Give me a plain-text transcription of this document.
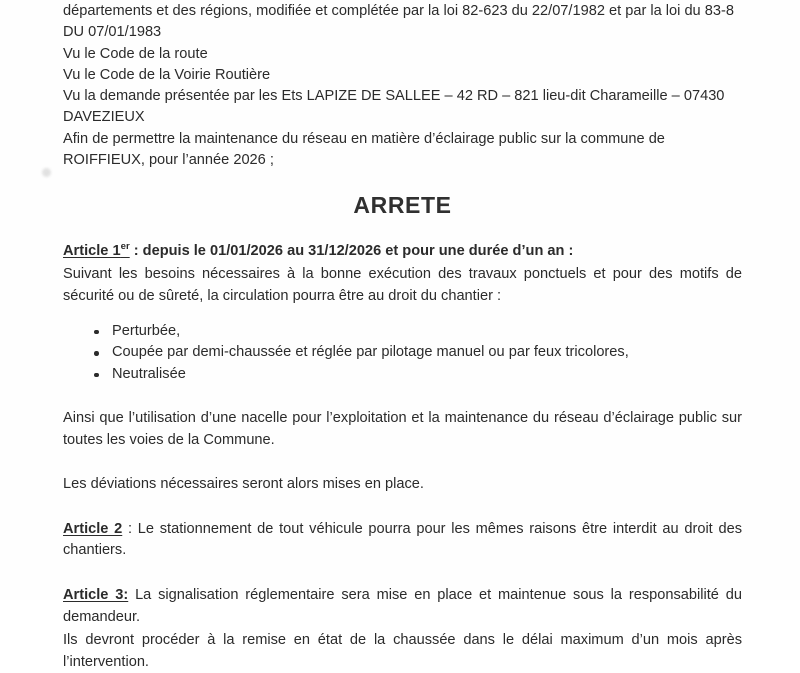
départements et des régions, modifiée et complétée par la loi 82-623 du 22/07/1982 et par la loi du 83-8 DU 07/01/1983
Vu le Code de la route
Vu le Code de la Voirie Routière
Vu la demande présentée par les Ets LAPIZE DE SALLEE – 42 RD – 821 lieu-dit Charameille – 07430 DAVEZIEUX
Afin de permettre la maintenance du réseau en matière d’éclairage public sur la commune de ROIFFIEUX, pour l’année 2026 ;
ARRETE

Article 1er : depuis le 01/01/2026 au 31/12/2026 et pour une durée d’un an :

Suivant les besoins nécessaires à la bonne exécution des travaux ponctuels et pour des motifs de sécurité ou de sûreté, la circulation pourra être au droit du chantier :

Perturbée,
Coupée par demi-chaussée et réglée par pilotage manuel ou par feux tricolores,
Neutralisée

Ainsi que l’utilisation d’une nacelle pour l’exploitation et la maintenance du réseau d’éclairage public sur toutes les voies de la Commune.

Les déviations nécessaires seront alors mises en place.

Article 2 : Le stationnement de tout véhicule pourra pour les mêmes raisons être interdit au droit des chantiers.

Article 3: La signalisation réglementaire sera mise en place et maintenue sous la responsabilité du demandeur.

Ils devront procéder à la remise en état de la chaussée dans le délai maximum d’un mois après l’intervention.
